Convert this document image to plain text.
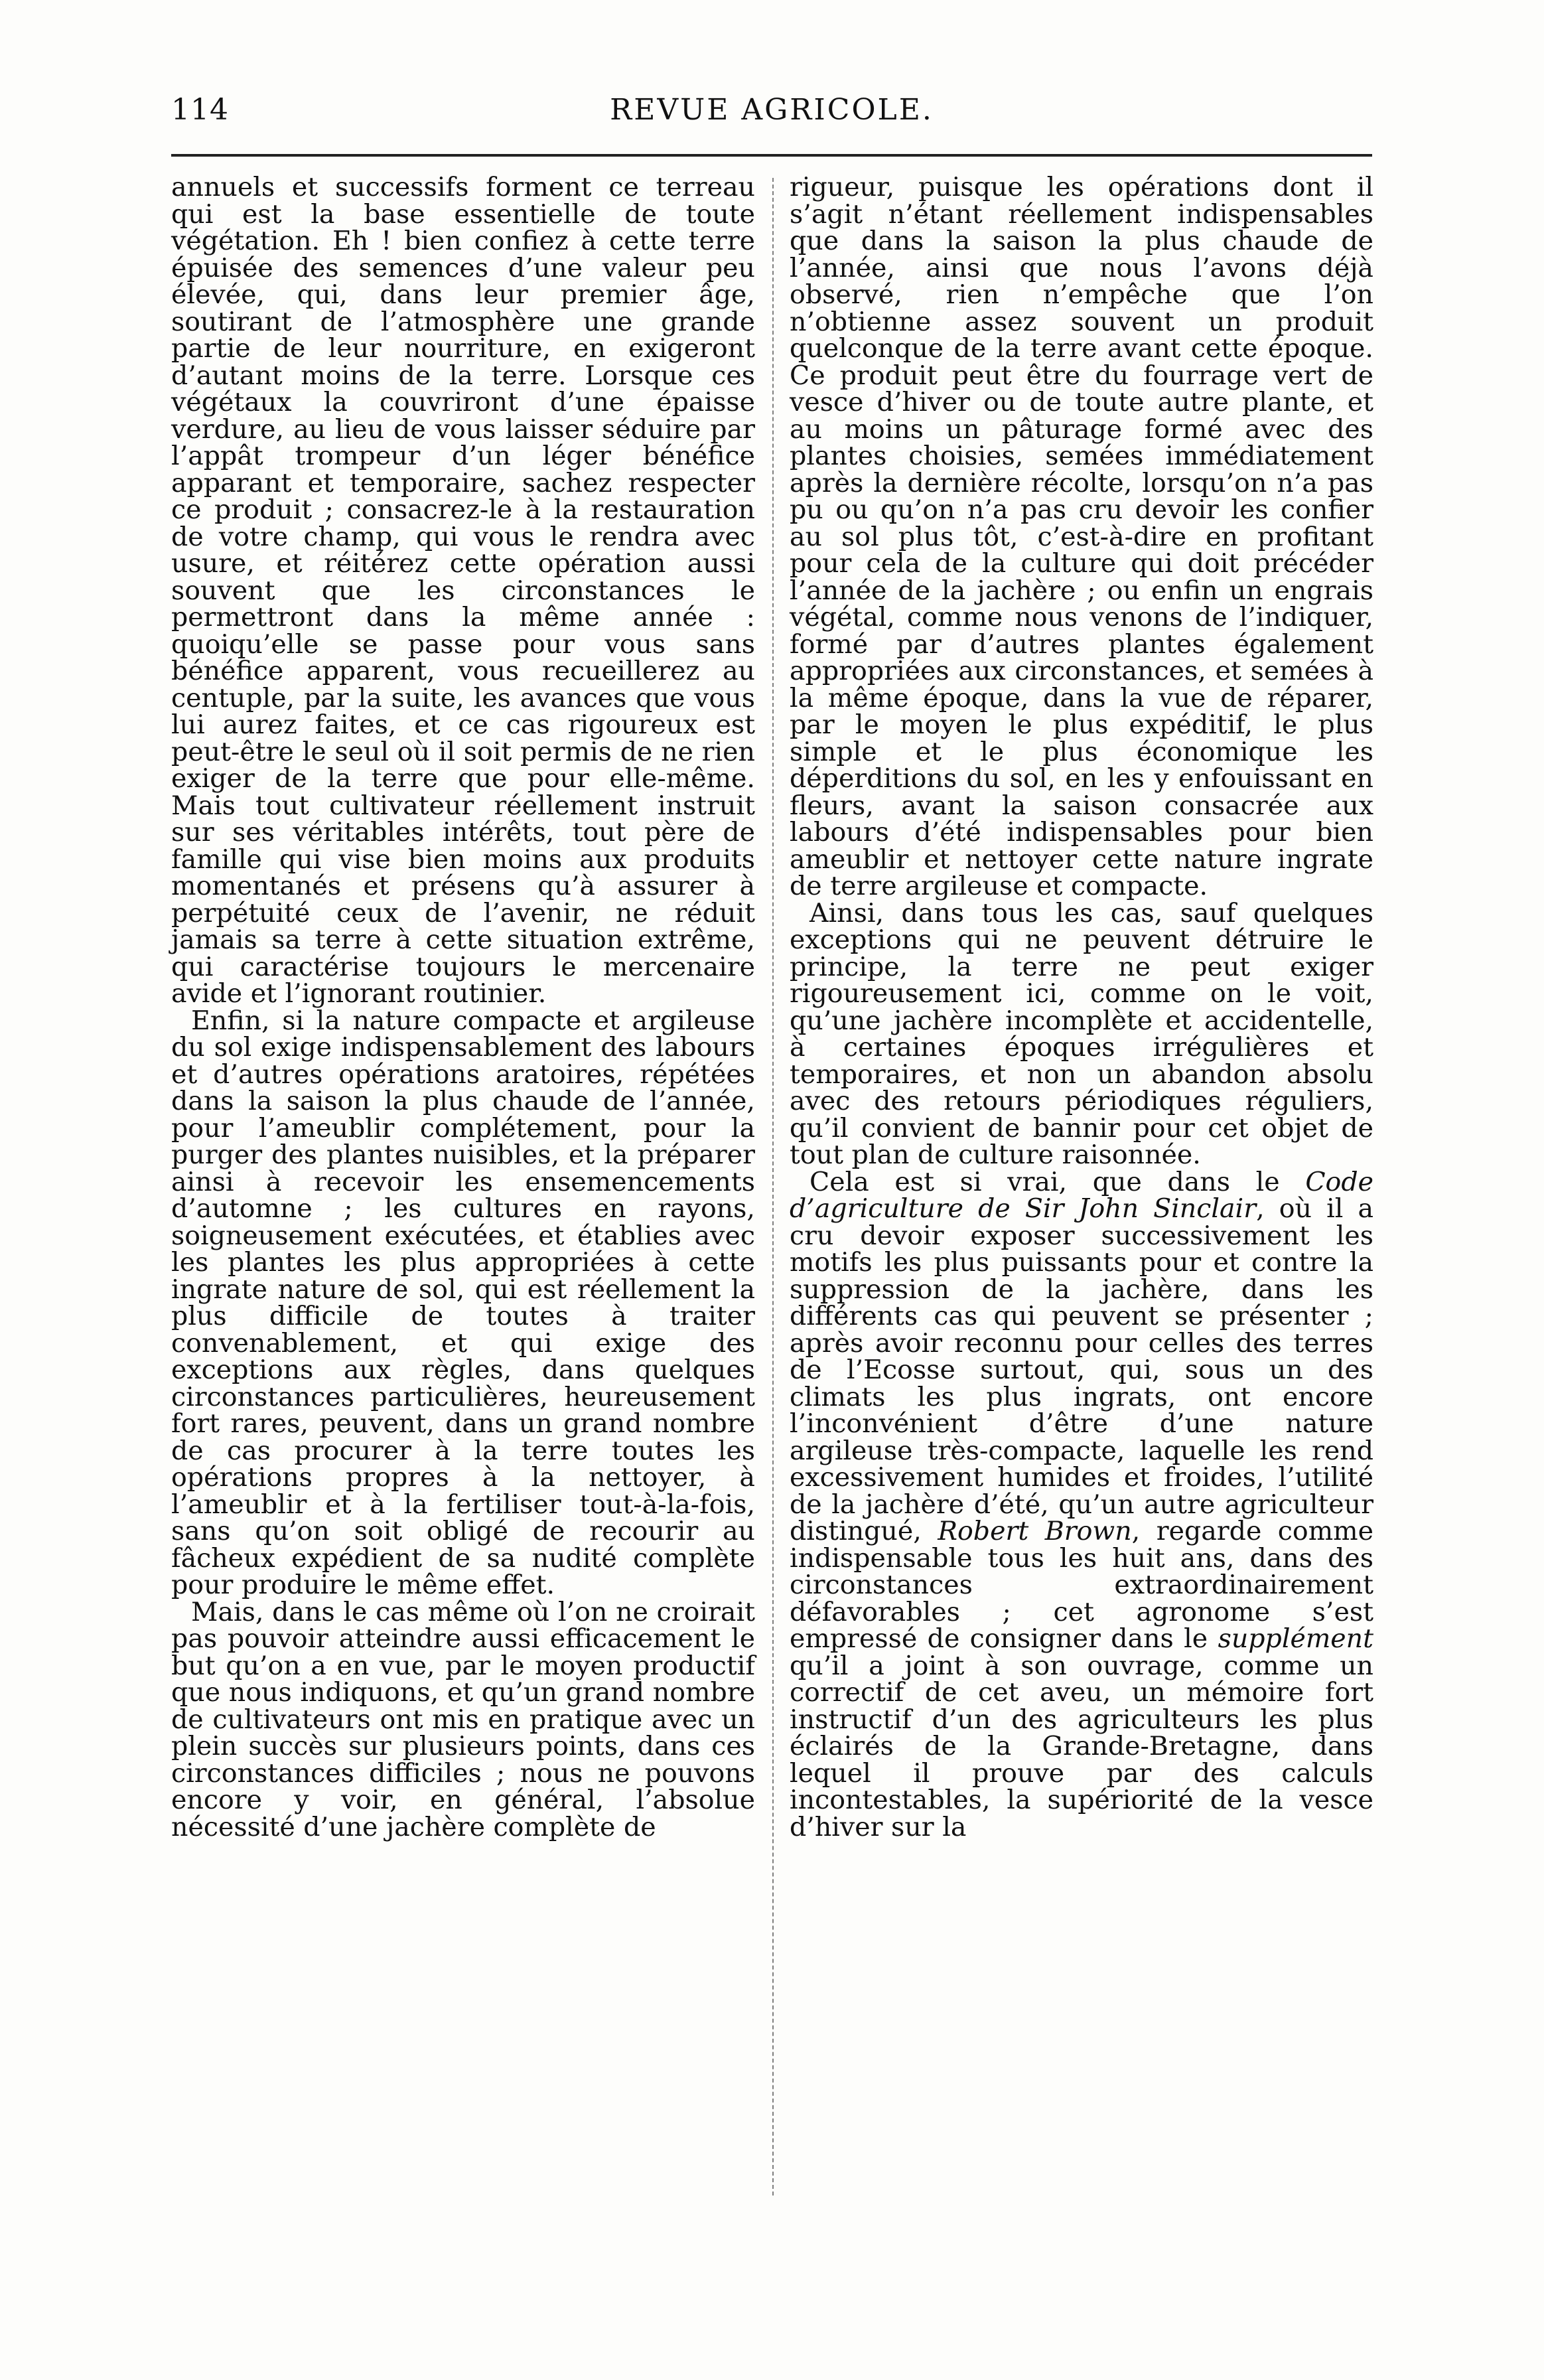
114	REVUE AGRICOLE.

annuels et successifs forment ce terreau qui est la base essentielle de toute végétation. Eh ! bien confiez à cette terre épuisée des semences d’une valeur peu élevée, qui, dans leur premier âge, soutirant de l’atmosphère une grande partie de leur nourriture, en exigeront d’autant moins de la terre. Lorsque ces végétaux la couvriront d’une épaisse verdure, au lieu de vous laisser séduire par l’appât trompeur d’un léger bénéfice apparant et temporaire, sachez respecter ce produit ; consacrez-le à la restauration de votre champ, qui vous le rendra avec usure, et réitérez cette opération aussi souvent que les circonstances le permettront dans la même année : quoiqu’elle se passe pour vous sans bénéfice apparent, vous recueillerez au centuple, par la suite, les avances que vous lui aurez faites, et ce cas rigoureux est peut-être le seul où il soit permis de ne rien exiger de la terre que pour elle-même. Mais tout cultivateur réellement instruit sur ses véritables intérêts, tout père de famille qui vise bien moins aux produits momentanés et présens qu’à assurer à perpétuité ceux de l’avenir, ne réduit jamais sa terre à cette situation extrême, qui caractérise toujours le mercenaire avide et l’ignorant routinier.

Enfin, si la nature compacte et argileuse du sol exige indispensablement des labours et d’autres opérations aratoires, répétées dans la saison la plus chaude de l’année, pour l’ameublir complétement, pour la purger des plantes nuisibles, et la préparer ainsi à recevoir les ensemencements d’automne ; les cultures en rayons, soigneusement exécutées, et établies avec les plantes les plus appropriées à cette ingrate nature de sol, qui est réellement la plus difficile de toutes à traiter convenablement, et qui exige des exceptions aux règles, dans quelques circonstances particulières, heureusement fort rares, peuvent, dans un grand nombre de cas procurer à la terre toutes les opérations propres à la nettoyer, à l’ameublir et à la fertiliser tout-à-la-fois, sans qu’on soit obligé de recourir au fâcheux expédient de sa nudité complète pour produire le même effet.

Mais, dans le cas même où l’on ne croirait pas pouvoir atteindre aussi efficacement le but qu’on a en vue, par le moyen productif que nous indiquons, et qu’un grand nombre de cultivateurs ont mis en pratique avec un plein succès sur plusieurs points, dans ces circonstances difficiles ; nous ne pouvons encore y voir, en général, l’absolue nécessité d’une jachère complète de

rigueur, puisque les opérations dont il s’agit n’étant réellement indispensables que dans la saison la plus chaude de l’année, ainsi que nous l’avons déjà observé, rien n’empêche que l’on n’obtienne assez souvent un produit quelconque de la terre avant cette époque. Ce produit peut être du fourrage vert de vesce d’hiver ou de toute autre plante, et au moins un pâturage formé avec des plantes choisies, semées immédiatement après la dernière récolte, lorsqu’on n’a pas pu ou qu’on n’a pas cru devoir les confier au sol plus tôt, c’est-à-dire en profitant pour cela de la culture qui doit précéder l’année de la jachère ; ou enfin un engrais végétal, comme nous venons de l’indiquer, formé par d’autres plantes également appropriées aux circonstances, et semées à la même époque, dans la vue de réparer, par le moyen le plus expéditif, le plus simple et le plus économique les déperditions du sol, en les y enfouissant en fleurs, avant la saison consacrée aux labours d’été indispensables pour bien ameublir et nettoyer cette nature ingrate de terre argileuse et compacte.

Ainsi, dans tous les cas, sauf quelques exceptions qui ne peuvent détruire le principe, la terre ne peut exiger rigoureusement ici, comme on le voit, qu’une jachère incomplète et accidentelle, à certaines époques irrégulières et temporaires, et non un abandon absolu avec des retours périodiques réguliers, qu’il convient de bannir pour cet objet de tout plan de culture raisonnée.

Cela est si vrai, que dans le Code d’agriculture de Sir John Sinclair, où il a cru devoir exposer successivement les motifs les plus puissants pour et contre la suppression de la jachère, dans les différents cas qui peuvent se présenter ; après avoir reconnu pour celles des terres de l’Ecosse surtout, qui, sous un des climats les plus ingrats, ont encore l’inconvénient d’être d’une nature argileuse très-compacte, laquelle les rend excessivement humides et froides, l’utilité de la jachère d’été, qu’un autre agriculteur distingué, Robert Brown, regarde comme indispensable tous les huit ans, dans des circonstances extraordinairement défavorables ; cet agronome s’est empressé de consigner dans le supplément qu’il a joint à son ouvrage, comme un correctif de cet aveu, un mémoire fort instructif d’un des agriculteurs les plus éclairés de la Grande-Bretagne, dans lequel il prouve par des calculs incontestables, la supériorité de la vesce d’hiver sur la
